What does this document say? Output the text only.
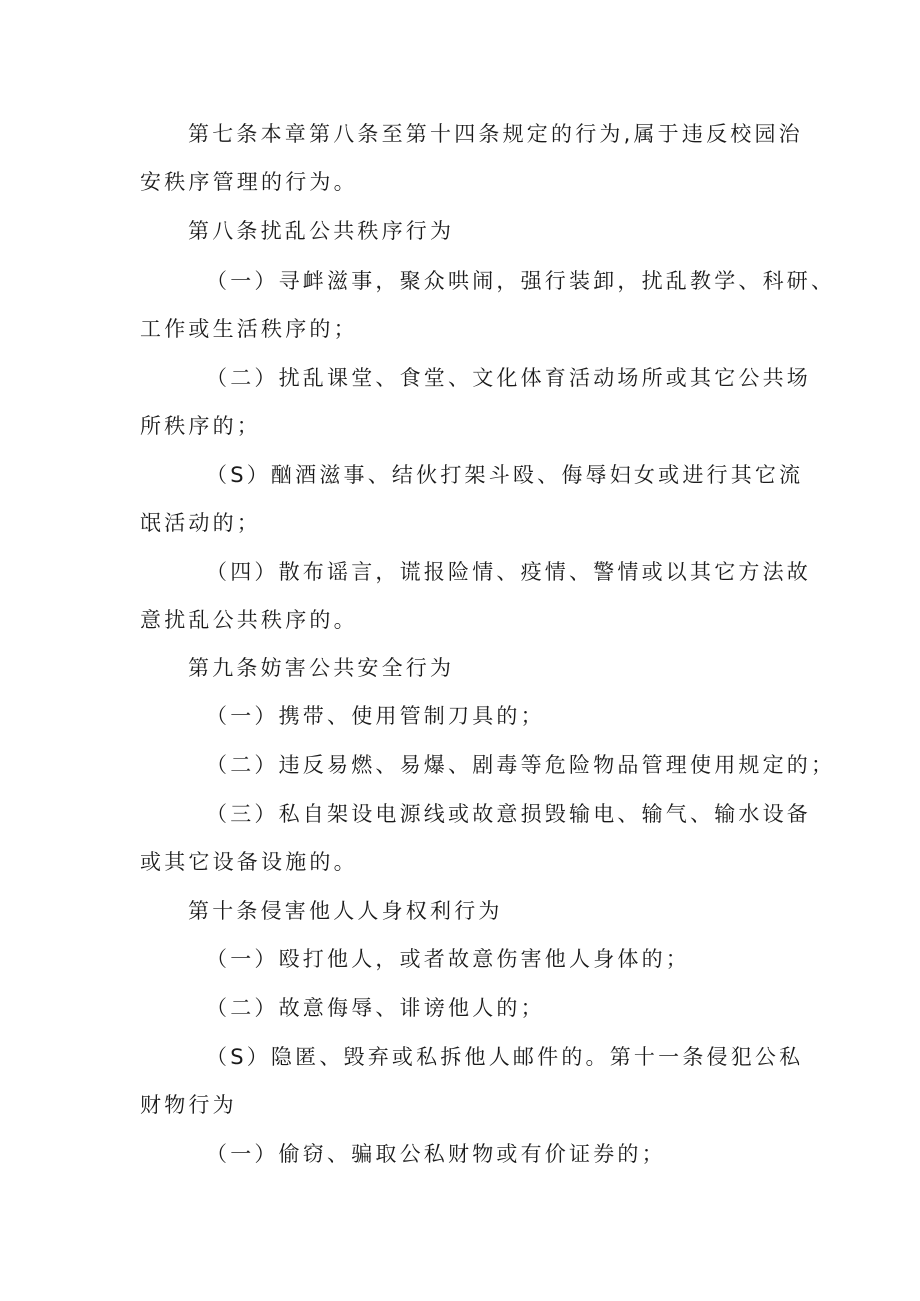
第七条本章第八条至第十四条规定的行为,属于违反校园治
安秩序管理的行为。
第八条扰乱公共秩序行为
（一）寻衅滋事，聚众哄闹，强行装卸，扰乱教学、科研、
工作或生活秩序的；
（二）扰乱课堂、食堂、文化体育活动场所或其它公共场
所秩序的；
（S）酗酒滋事、结伙打架斗殴、侮辱妇女或进行其它流
氓活动的；
（四）散布谣言，谎报险情、疫情、警情或以其它方法故
意扰乱公共秩序的。
第九条妨害公共安全行为
（一）携带、使用管制刀具的；
（二）违反易燃、易爆、剧毒等危险物品管理使用规定的；
（三）私自架设电源线或故意损毁输电、输气、输水设备
或其它设备设施的。
第十条侵害他人人身权利行为
（一）殴打他人，或者故意伤害他人身体的；
（二）故意侮辱、诽谤他人的；
（S）隐匿、毁弃或私拆他人邮件的。第十一条侵犯公私
财物行为
（一）偷窃、骗取公私财物或有价证券的；
